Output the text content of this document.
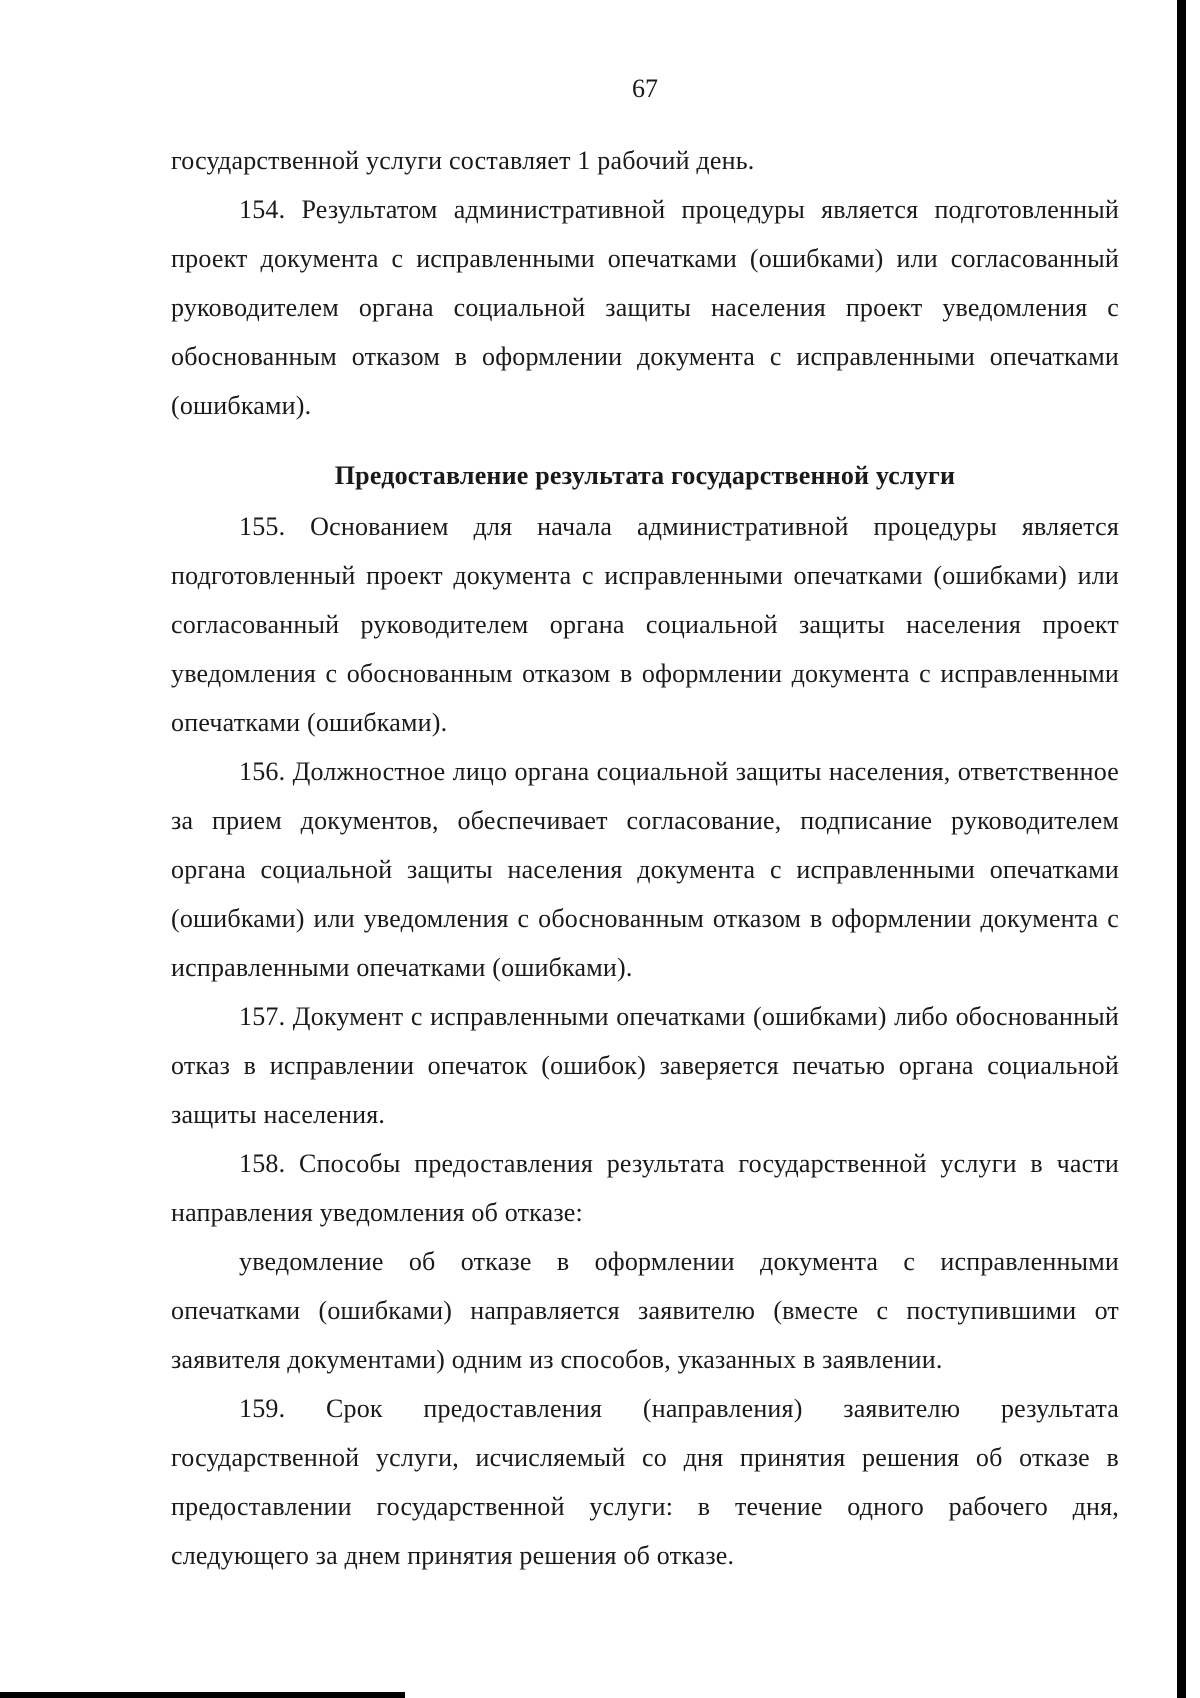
67

государственной услуги составляет 1 рабочий день.

154. Результатом административной процедуры является подготовленный проект документа с исправленными опечатками (ошибками) или согласованный руководителем органа социальной защиты населения проект уведомления с обоснованным отказом в оформлении документа с исправленными опечатками (ошибками).

Предоставление результата государственной услуги

155. Основанием для начала административной процедуры является подготовленный проект документа с исправленными опечатками (ошибками) или согласованный руководителем органа социальной защиты населения проект уведомления с обоснованным отказом в оформлении документа с исправленными опечатками (ошибками).

156. Должностное лицо органа социальной защиты населения, ответственное за прием документов, обеспечивает согласование, подписание руководителем органа социальной защиты населения документа с исправленными опечатками (ошибками) или уведомления с обоснованным отказом в оформлении документа с исправленными опечатками (ошибками).

157. Документ с исправленными опечатками (ошибками) либо обоснованный отказ в исправлении опечаток (ошибок) заверяется печатью органа социальной защиты населения.

158. Способы предоставления результата государственной услуги в части направления уведомления об отказе:

уведомление об отказе в оформлении документа с исправленными опечатками (ошибками) направляется заявителю (вместе с поступившими от заявителя документами) одним из способов, указанных в заявлении.

159. Срок предоставления (направления) заявителю результата государственной услуги, исчисляемый со дня принятия решения об отказе в предоставлении государственной услуги: в течение одного рабочего дня, следующего за днем принятия решения об отказе.
